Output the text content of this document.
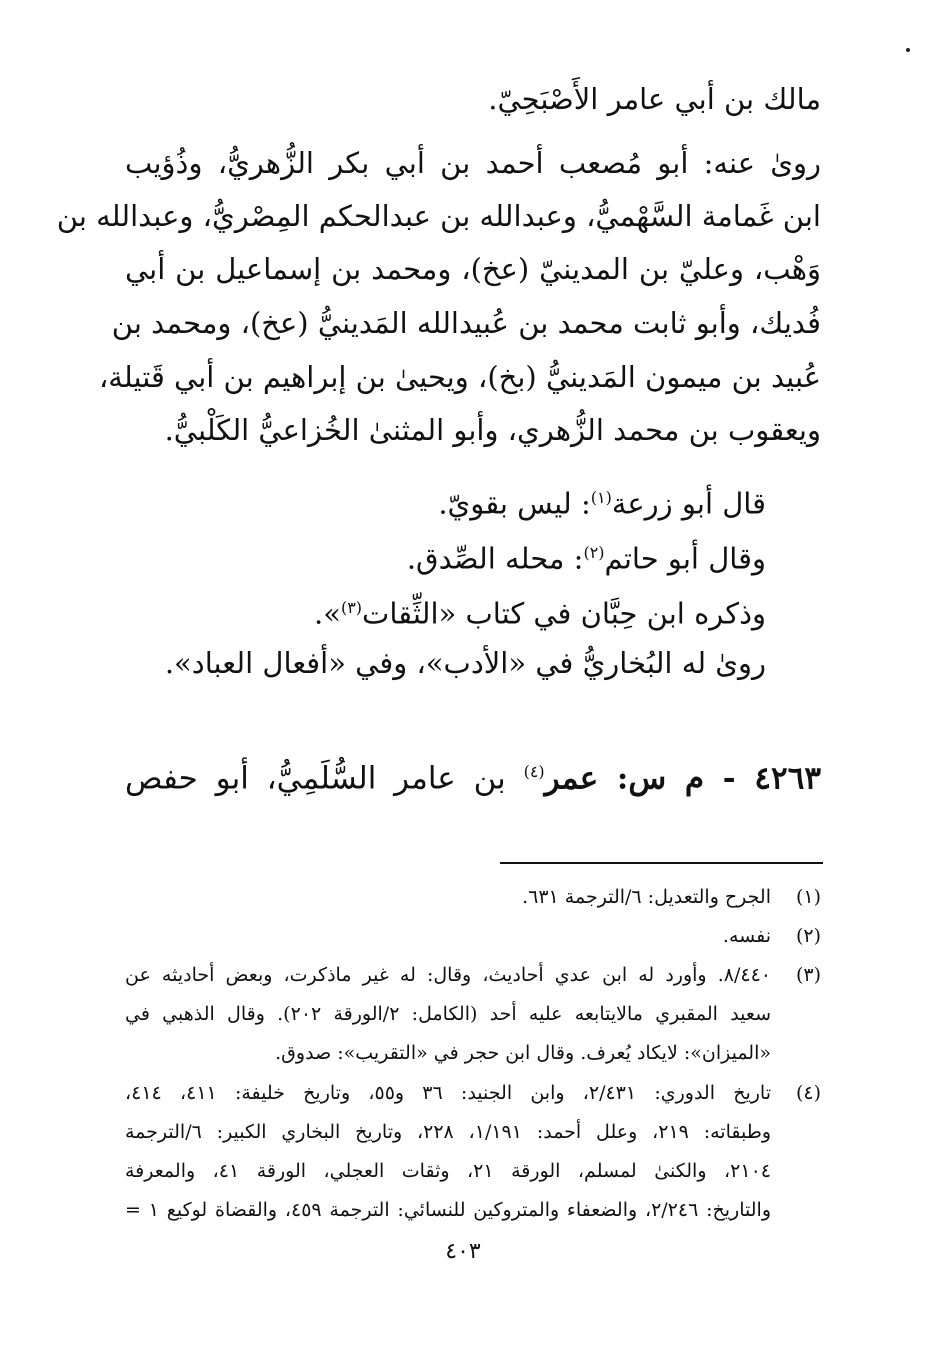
مالك بن أبي عامر الأَصْبَحِيّ.
روىٰ عنه: أبو مُصعب أحمد بن أبي بكر الزُّهريُّ، وذُؤيب
ابن غَمامة السَّهْميُّ، وعبدالله بن عبدالحكم المِصْريُّ، وعبدالله بن
وَهْب، وعليّ بن المدينيّ (عخ)، ومحمد بن إسماعيل بن أبي
فُديك، وأبو ثابت محمد بن عُبيدالله المَدينيُّ (عخ)، ومحمد بن
عُبيد بن ميمون المَدينيُّ (بخ)، ويحيىٰ بن إبراهيم بن أبي قَتيلة،
ويعقوب بن محمد الزُّهري، وأبو المثنىٰ الخُزاعيُّ الكَلْبيُّ.
قال أبو زرعة$^{(١)}$: ليس بقويّ.
وقال أبو حاتم$^{(٢)}$: محله الصِّدق.
وذكره ابن حِبَّان في كتاب «الثِّقات$^{(٣)}$».
روىٰ له البُخاريُّ في «الأدب»، وفي «أفعال العباد».
٤٢٦٣ - م س: عمر$^{(٤)}$ بن عامر السُّلَمِيُّ، أبو حفص
(١)
الجرح والتعديل: ٦/الترجمة ٦٣١.
(٢)
نفسه.
(٣)
٨/٤٤٠. وأورد له ابن عدي أحاديث، وقال: له غير ماذكرت، وبعض أحاديثه عن
سعيد المقبري مالايتابعه عليه أحد (الكامل: ٢/الورقة ٢٠٢). وقال الذهبي في
«الميزان»: لايكاد يُعرف. وقال ابن حجر في «التقريب»: صدوق.
(٤)
تاريخ الدوري: ٢/٤٣١، وابن الجنيد: ٣٦ و٥٥، وتاريخ خليفة: ٤١١، ٤١٤،
وطبقاته: ٢١٩، وعلل أحمد: ١/١٩١، ٢٢٨، وتاريخ البخاري الكبير: ٦/الترجمة
٢١٠٤، والكنىٰ لمسلم، الورقة ٢١، وثقات العجلي، الورقة ٤١، والمعرفة
والتاريخ: ٢/٢٤٦، والضعفاء والمتروكين للنسائي: الترجمة ٤٥٩، والقضاة لوكيع ١ =
٤٠٣
